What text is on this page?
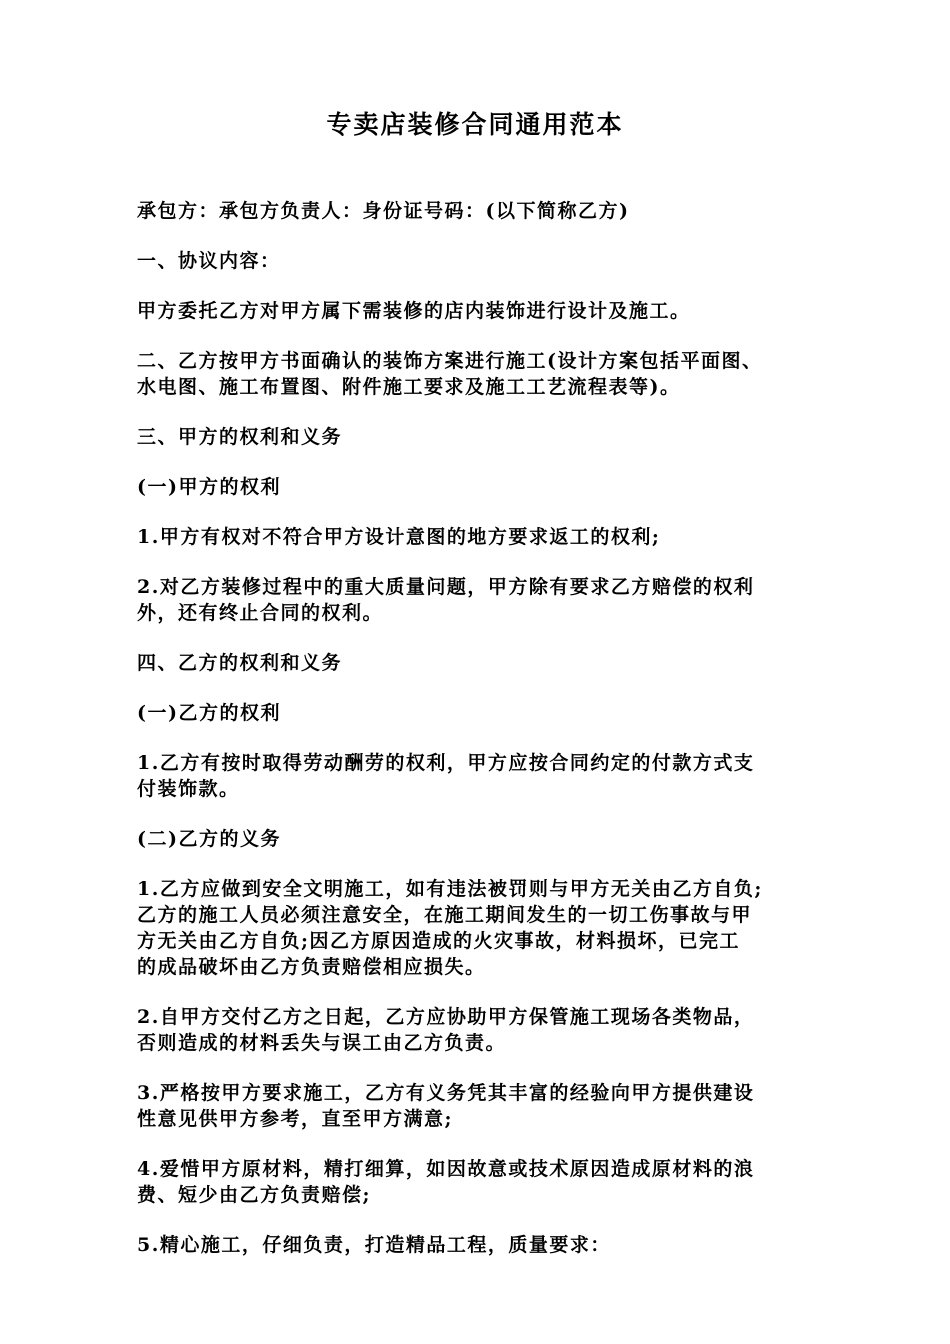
专卖店装修合同通用范本

承包方：承包方负责人：身份证号码：(以下简称乙方)

一、协议内容：

甲方委托乙方对甲方属下需装修的店内装饰进行设计及施工。

二、乙方按甲方书面确认的装饰方案进行施工(设计方案包括平面图、
水电图、施工布置图、附件施工要求及施工工艺流程表等)。

三、甲方的权利和义务

(一)甲方的权利

1.甲方有权对不符合甲方设计意图的地方要求返工的权利;

2.对乙方装修过程中的重大质量问题，甲方除有要求乙方赔偿的权利
外，还有终止合同的权利。

四、乙方的权利和义务

(一)乙方的权利

1.乙方有按时取得劳动酬劳的权利，甲方应按合同约定的付款方式支
付装饰款。

(二)乙方的义务

1.乙方应做到安全文明施工，如有违法被罚则与甲方无关由乙方自负;
乙方的施工人员必须注意安全，在施工期间发生的一切工伤事故与甲
方无关由乙方自负;因乙方原因造成的火灾事故，材料损坏，已完工
的成品破坏由乙方负责赔偿相应损失。

2.自甲方交付乙方之日起，乙方应协助甲方保管施工现场各类物品，
否则造成的材料丢失与误工由乙方负责。

3.严格按甲方要求施工，乙方有义务凭其丰富的经验向甲方提供建设
性意见供甲方参考，直至甲方满意;

4.爱惜甲方原材料，精打细算，如因故意或技术原因造成原材料的浪
费、短少由乙方负责赔偿;

5.精心施工，仔细负责，打造精品工程，质量要求：
